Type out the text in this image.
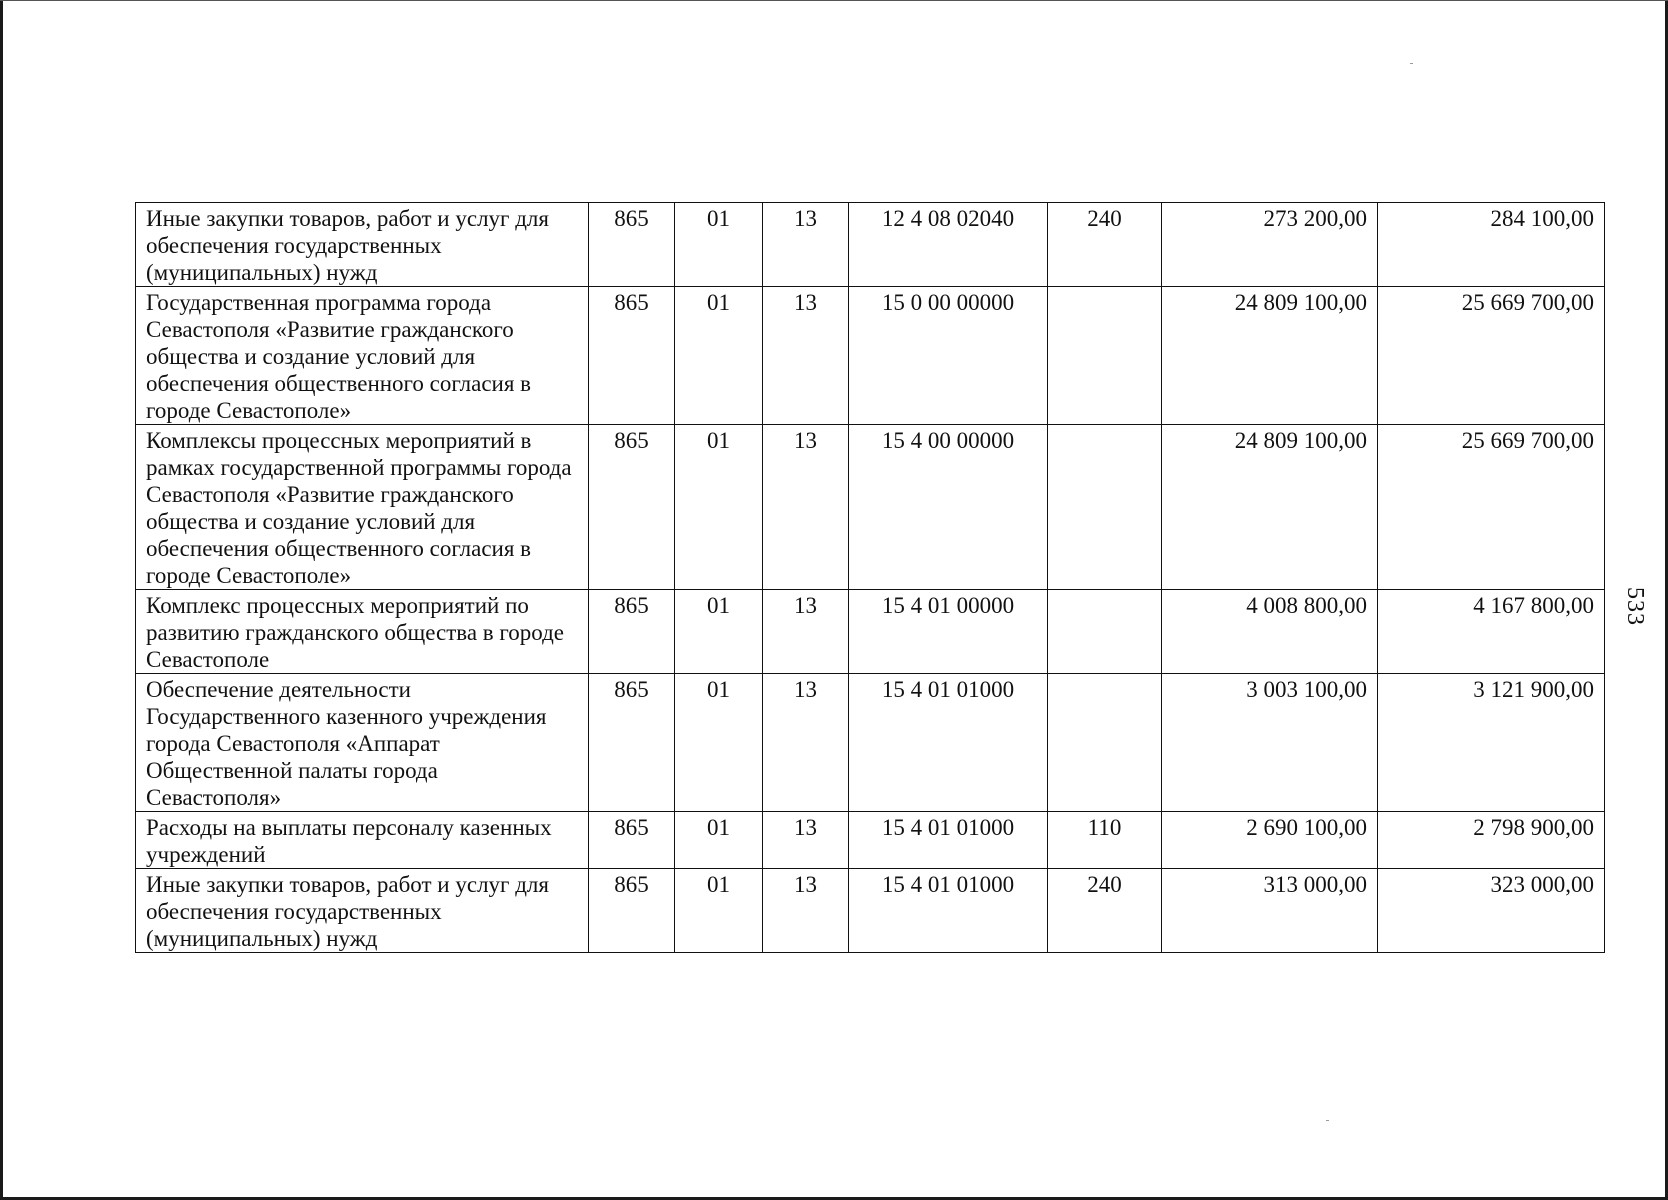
Иные закупки товаров, работ и услуг для обеспечения государственных (муниципальных) нужд	865	01	13	12 4 08 02040	240	273 200,00	284 100,00
Государственная программа города Севастополя «Развитие гражданского общества и создание условий для обеспечения общественного согласия в городе Севастополе»	865	01	13	15 0 00 00000		24 809 100,00	25 669 700,00
Комплексы процессных мероприятий в рамках государственной программы города Севастополя «Развитие гражданского общества и создание условий для обеспечения общественного согласия в городе Севастополе»	865	01	13	15 4 00 00000		24 809 100,00	25 669 700,00
Комплекс процессных мероприятий по развитию гражданского общества в городе Севастополе	865	01	13	15 4 01 00000		4 008 800,00	4 167 800,00
Обеспечение деятельности Государственного казенного учреждения города Севастополя «Аппарат Общественной палаты города Севастополя»	865	01	13	15 4 01 01000		3 003 100,00	3 121 900,00
Расходы на выплаты персоналу казенных учреждений	865	01	13	15 4 01 01000	110	2 690 100,00	2 798 900,00
Иные закупки товаров, работ и услуг для обеспечения государственных (муниципальных) нужд	865	01	13	15 4 01 01000	240	313 000,00	323 000,00
533
